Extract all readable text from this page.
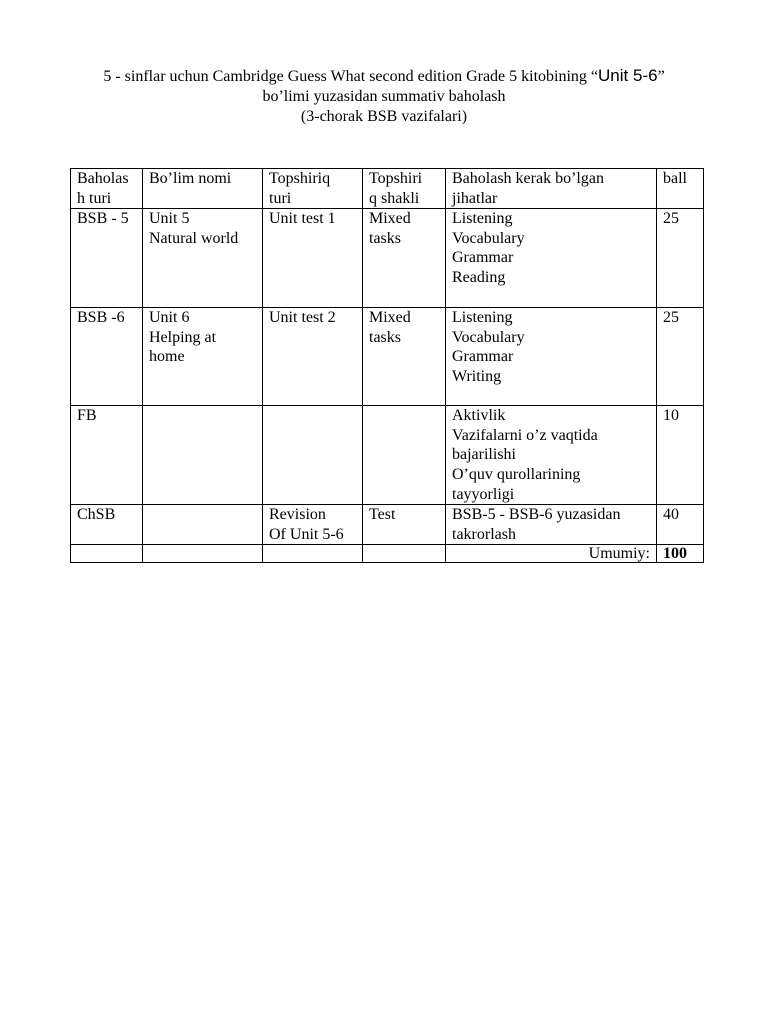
5 - sinflar uchun Cambridge Guess What second edition Grade 5 kitobining “Unit 5-6”
bo’limi yuzasidan summativ baholash
(3-chorak BSB vazifalari)
Baholas
h turi	Bo’lim nomi	Topshiriq
turi	Topshiri
q shakli	Baholash kerak bo’lgan
jihatlar	ball

BSB - 5	Unit 5
Natural world	Unit test 1	Mixed
tasks	Listening
Vocabulary
Grammar
Reading	25

BSB -6	Unit 6
Helping at
home	Unit test 2	Mixed
tasks	Listening
Vocabulary
Grammar
Writing	25

FB				Aktivlik
Vazifalarni o’z vaqtida
bajarilishi
O’quv qurollarining
tayyorligi	10

ChSB		Revision
Of Unit 5-6	Test	BSB-5 - BSB-6 yuzasidan
takrorlash	40

				Umumiy:	100
